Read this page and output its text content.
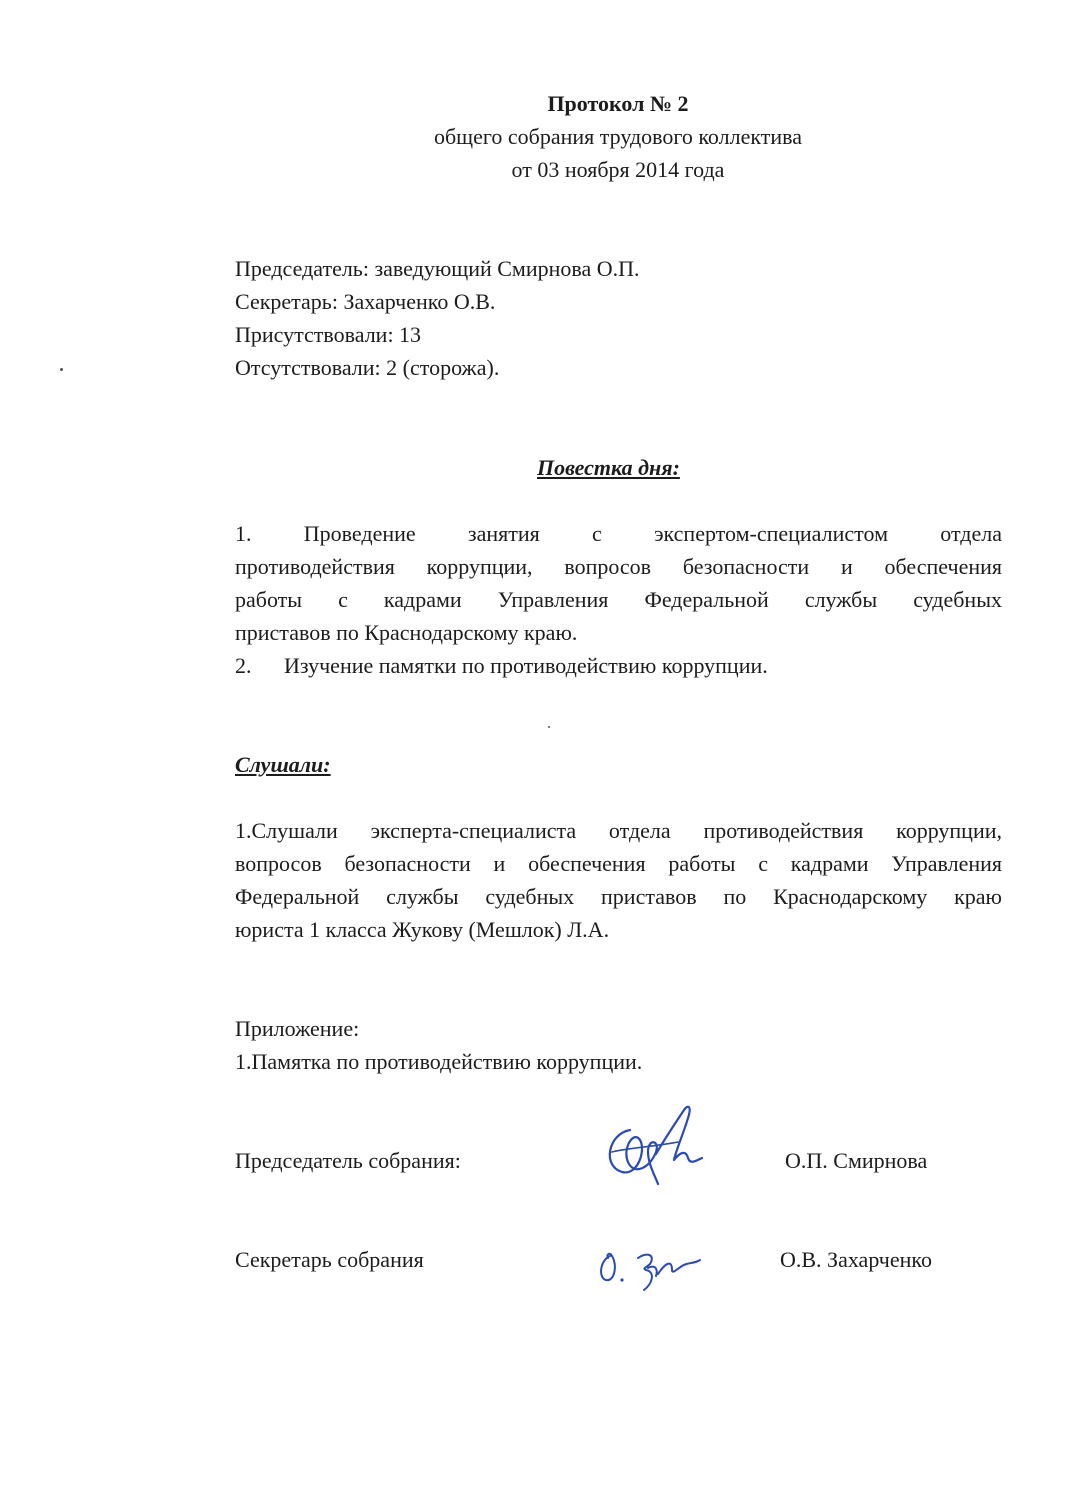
Протокол № 2
общего собрания трудового коллектива
от 03 ноября 2014 года
Председатель: заведующий Смирнова О.П.
Секретарь: Захарченко О.В.
Присутствовали: 13
Отсутствовали: 2 (сторожа).
Повестка дня:
1. Проведение занятия с экспертом-специалистом отдела
противодействия коррупции, вопросов безопасности и обеспечения
работы с кадрами Управления Федеральной службы судебных
приставов по Краснодарскому краю.
2. Изучение памятки по противодействию коррупции.
Слушали:
1.Слушали эксперта-специалиста отдела противодействия коррупции,
вопросов безопасности и обеспечения работы с кадрами Управления
Федеральной службы судебных приставов по Краснодарскому краю
юриста 1 класса Жукову (Мешлок) Л.А.
Приложение:
1.Памятка по противодействию коррупции.
Председатель собрания:	О.П. Смирнова
Секретарь собрания	О.В. Захарченко
